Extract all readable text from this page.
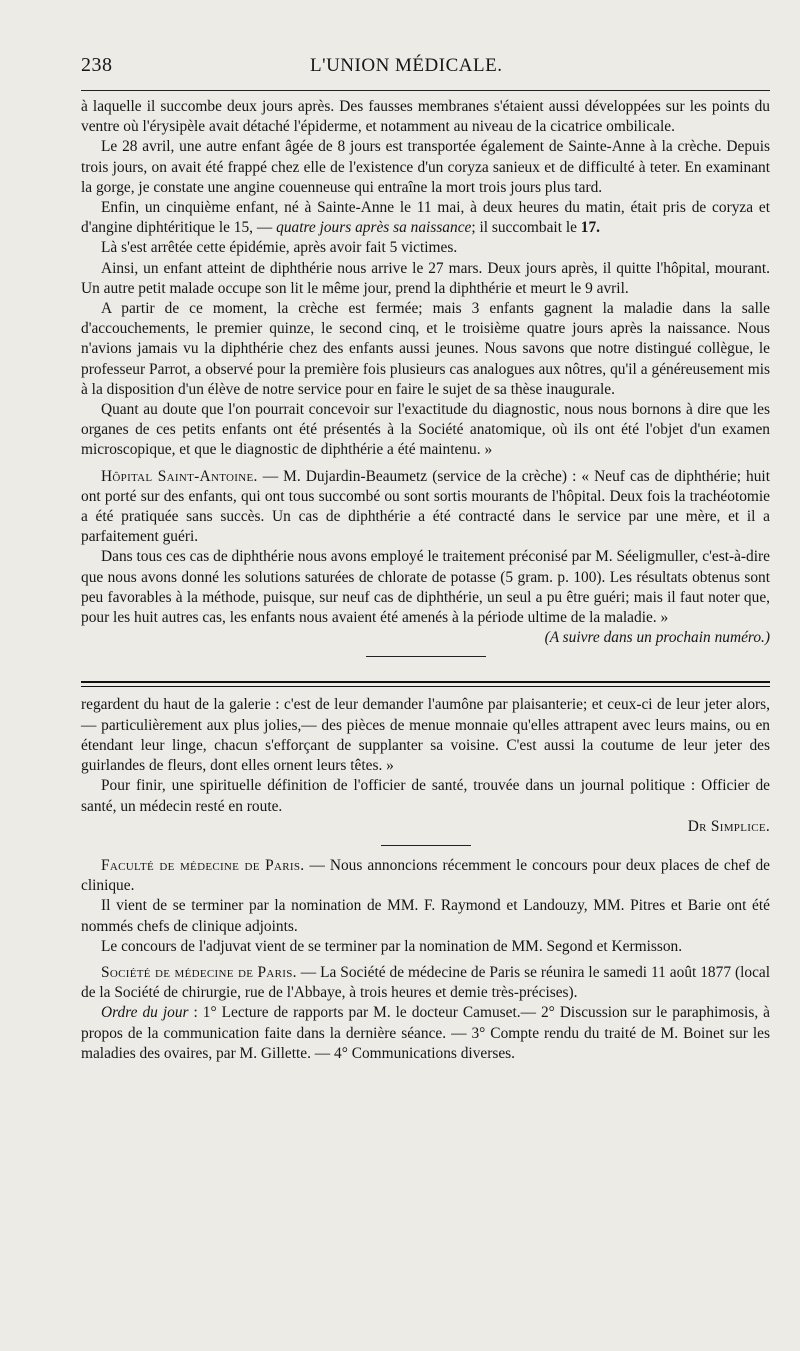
238	L'UNION MÉDICALE.

à laquelle il succombe deux jours après. Des fausses membranes s'étaient aussi développées sur les points du ventre où l'érysipèle avait détaché l'épiderme, et notamment au niveau de la cicatrice ombilicale.

Le 28 avril, une autre enfant âgée de 8 jours est transportée également de Sainte-Anne à la crèche. Depuis trois jours, on avait été frappé chez elle de l'existence d'un coryza sanieux et de difficulté à teter. En examinant la gorge, je constate une angine couenneuse qui entraîne la mort trois jours plus tard.

Enfin, un cinquième enfant, né à Sainte-Anne le 11 mai, à deux heures du matin, était pris de coryza et d'angine diphtéritique le 15, — quatre jours après sa naissance; il succombait le 17.

Là s'est arrêtée cette épidémie, après avoir fait 5 victimes.

Ainsi, un enfant atteint de diphthérie nous arrive le 27 mars. Deux jours après, il quitte l'hôpital, mourant. Un autre petit malade occupe son lit le même jour, prend la diphthérie et meurt le 9 avril.

A partir de ce moment, la crèche est fermée; mais 3 enfants gagnent la maladie dans la salle d'accouchements, le premier quinze, le second cinq, et le troisième quatre jours après la naissance. Nous n'avions jamais vu la diphthérie chez des enfants aussi jeunes. Nous savons que notre distingué collègue, le professeur Parrot, a observé pour la première fois plusieurs cas analogues aux nôtres, qu'il a généreusement mis à la disposition d'un élève de notre service pour en faire le sujet de sa thèse inaugurale.

Quant au doute que l'on pourrait concevoir sur l'exactitude du diagnostic, nous nous bornons à dire que les organes de ces petits enfants ont été présentés à la Société anatomique, où ils ont été l'objet d'un examen microscopique, et que le diagnostic de diphthérie a été maintenu. »

Hôpital Saint-Antoine. — M. Dujardin-Beaumetz (service de la crèche) : « Neuf cas de diphthérie; huit ont porté sur des enfants, qui ont tous succombé ou sont sortis mourants de l'hôpital. Deux fois la trachéotomie a été pratiquée sans succès. Un cas de diphthérie a été contracté dans le service par une mère, et il a parfaitement guéri.

Dans tous ces cas de diphthérie nous avons employé le traitement préconisé par M. Séeligmuller, c'est-à-dire que nous avons donné les solutions saturées de chlorate de potasse (5 gram. p. 100). Les résultats obtenus sont peu favorables à la méthode, puisque, sur neuf cas de diphthérie, un seul a pu être guéri; mais il faut noter que, pour les huit autres cas, les enfants nous avaient été amenés à la période ultime de la maladie. »

(A suivre dans un prochain numéro.)

regardent du haut de la galerie : c'est de leur demander l'aumône par plaisanterie; et ceux-ci de leur jeter alors, — particulièrement aux plus jolies,— des pièces de menue monnaie qu'elles attrapent avec leurs mains, ou en étendant leur linge, chacun s'efforçant de supplanter sa voisine. C'est aussi la coutume de leur jeter des guirlandes de fleurs, dont elles ornent leurs têtes. »

Pour finir, une spirituelle définition de l'officier de santé, trouvée dans un journal politique : Officier de santé, un médecin resté en route.

Dr Simplice.

Faculté de médecine de Paris. — Nous annoncions récemment le concours pour deux places de chef de clinique.

Il vient de se terminer par la nomination de MM. F. Raymond et Landouzy, MM. Pitres et Barie ont été nommés chefs de clinique adjoints.

Le concours de l'adjuvat vient de se terminer par la nomination de MM. Segond et Kermisson.

Société de médecine de Paris. — La Société de médecine de Paris se réunira le samedi 11 août 1877 (local de la Société de chirurgie, rue de l'Abbaye, à trois heures et demie très-précises).

Ordre du jour : 1° Lecture de rapports par M. le docteur Camuset.— 2° Discussion sur le paraphimosis, à propos de la communication faite dans la dernière séance. — 3° Compte rendu du traité de M. Boinet sur les maladies des ovaires, par M. Gillette. — 4° Communications diverses.
